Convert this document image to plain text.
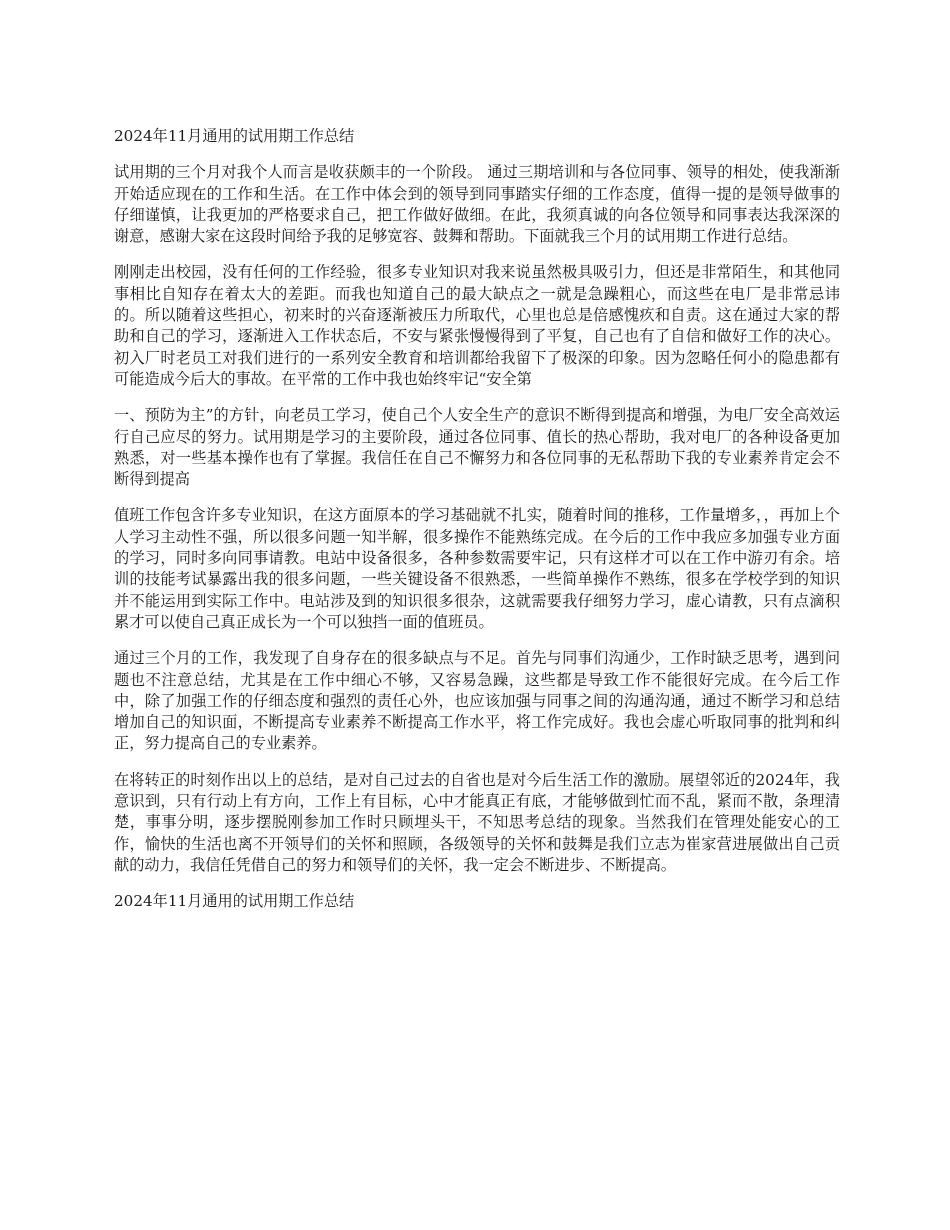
2024年11月通用的试用期工作总结
试用期的三个月对我个人而言是收获颇丰的一个阶段。 通过三期培训和与各位同事、领导的相处，使我渐渐开始适应现在的工作和生活。在工作中体会到的领导到同事踏实仔细的工作态度，值得一提的是领导做事的仔细谨慎，让我更加的严格要求自己，把工作做好做细。在此，我须真诚的向各位领导和同事表达我深深的谢意，感谢大家在这段时间给予我的足够宽容、鼓舞和帮助。下面就我三个月的试用期工作进行总结。
刚刚走出校园，没有任何的工作经验，很多专业知识对我来说虽然极具吸引力，但还是非常陌生，和其他同事相比自知存在着太大的差距。而我也知道自己的最大缺点之一就是急躁粗心，而这些在电厂是非常忌讳的。所以随着这些担心，初来时的兴奋逐渐被压力所取代，心里也总是倍感愧疚和自责。这在通过大家的帮助和自己的学习，逐渐进入工作状态后，不安与紧张慢慢得到了平复，自己也有了自信和做好工作的决心。初入厂时老员工对我们进行的一系列安全教育和培训都给我留下了极深的印象。因为忽略任何小的隐患都有可能造成今后大的事故。在平常的工作中我也始终牢记“安全第
一、预防为主”的方针，向老员工学习，使自己个人安全生产的意识不断得到提高和增强，为电厂安全高效运行自己应尽的努力。试用期是学习的主要阶段，通过各位同事、值长的热心帮助，我对电厂的各种设备更加熟悉，对一些基本操作也有了掌握。我信任在自己不懈努力和各位同事的无私帮助下我的专业素养肯定会不断得到提高
值班工作包含许多专业知识，在这方面原本的学习基础就不扎实，随着时间的推移，工作量增多，，再加上个人学习主动性不强，所以很多问题一知半解，很多操作不能熟练完成。在今后的工作中我应多加强专业方面的学习，同时多向同事请教。电站中设备很多，各种参数需要牢记，只有这样才可以在工作中游刃有余。培训的技能考试暴露出我的很多问题，一些关键设备不很熟悉，一些简单操作不熟练，很多在学校学到的知识并不能运用到实际工作中。电站涉及到的知识很多很杂，这就需要我仔细努力学习，虚心请教，只有点滴积累才可以使自己真正成长为一个可以独挡一面的值班员。
通过三个月的工作，我发现了自身存在的很多缺点与不足。首先与同事们沟通少，工作时缺乏思考，遇到问题也不注意总结，尤其是在工作中细心不够，又容易急躁，这些都是导致工作不能很好完成。在今后工作中，除了加强工作的仔细态度和强烈的责任心外，也应该加强与同事之间的沟通沟通，通过不断学习和总结增加自己的知识面，不断提高专业素养不断提高工作水平，将工作完成好。我也会虚心听取同事的批判和纠正，努力提高自己的专业素养。
在将转正的时刻作出以上的总结，是对自己过去的自省也是对今后生活工作的激励。展望邻近的2024年，我意识到，只有行动上有方向，工作上有目标，心中才能真正有底，才能够做到忙而不乱，紧而不散，条理清楚，事事分明，逐步摆脱刚参加工作时只顾埋头干，不知思考总结的现象。当然我们在管理处能安心的工作，愉快的生活也离不开领导们的关怀和照顾，各级领导的关怀和鼓舞是我们立志为崔家营进展做出自己贡献的动力，我信任凭借自己的努力和领导们的关怀，我一定会不断进步、不断提高。
2024年11月通用的试用期工作总结
